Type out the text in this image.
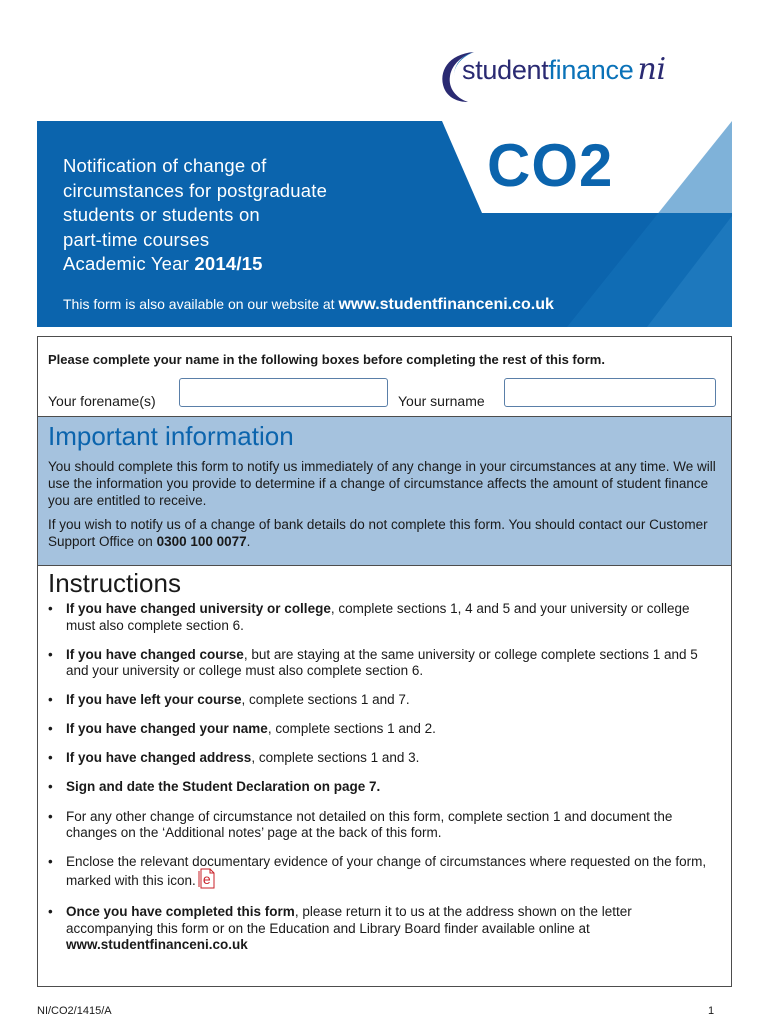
studentfinance ni
CO2
Notification of change of
circumstances for postgraduate
students or students on
part-time courses
Academic Year 2014/15
This form is also available on our website at www.studentfinanceni.co.uk
Please complete your name in the following boxes before completing the rest of this form.
Your forename(s)	Your surname
Important information
You should complete this form to notify us immediately of any change in your circumstances at any time. We will use the information you provide to determine if a change of circumstance affects the amount of student finance you are entitled to receive.
If you wish to notify us of a change of bank details do not complete this form. You should contact our Customer Support Office on 0300 100 0077.
Instructions
• If you have changed university or college, complete sections 1, 4 and 5 and your university or college must also complete section 6.
• If you have changed course, but are staying at the same university or college complete sections 1 and 5 and your university or college must also complete section 6.
• If you have left your course, complete sections 1 and 7.
• If you have changed your name, complete sections 1 and 2.
• If you have changed address, complete sections 1 and 3.
• Sign and date the Student Declaration on page 7.
• For any other change of circumstance not detailed on this form, complete section 1 and document the changes on the ‘Additional notes’ page at the back of this form.
• Enclose the relevant documentary evidence of your change of circumstances where requested on the form, marked with this icon. e
• Once you have completed this form, please return it to us at the address shown on the letter accompanying this form or on the Education and Library Board finder available online at www.studentfinanceni.co.uk
NI/CO2/1415/A	1
